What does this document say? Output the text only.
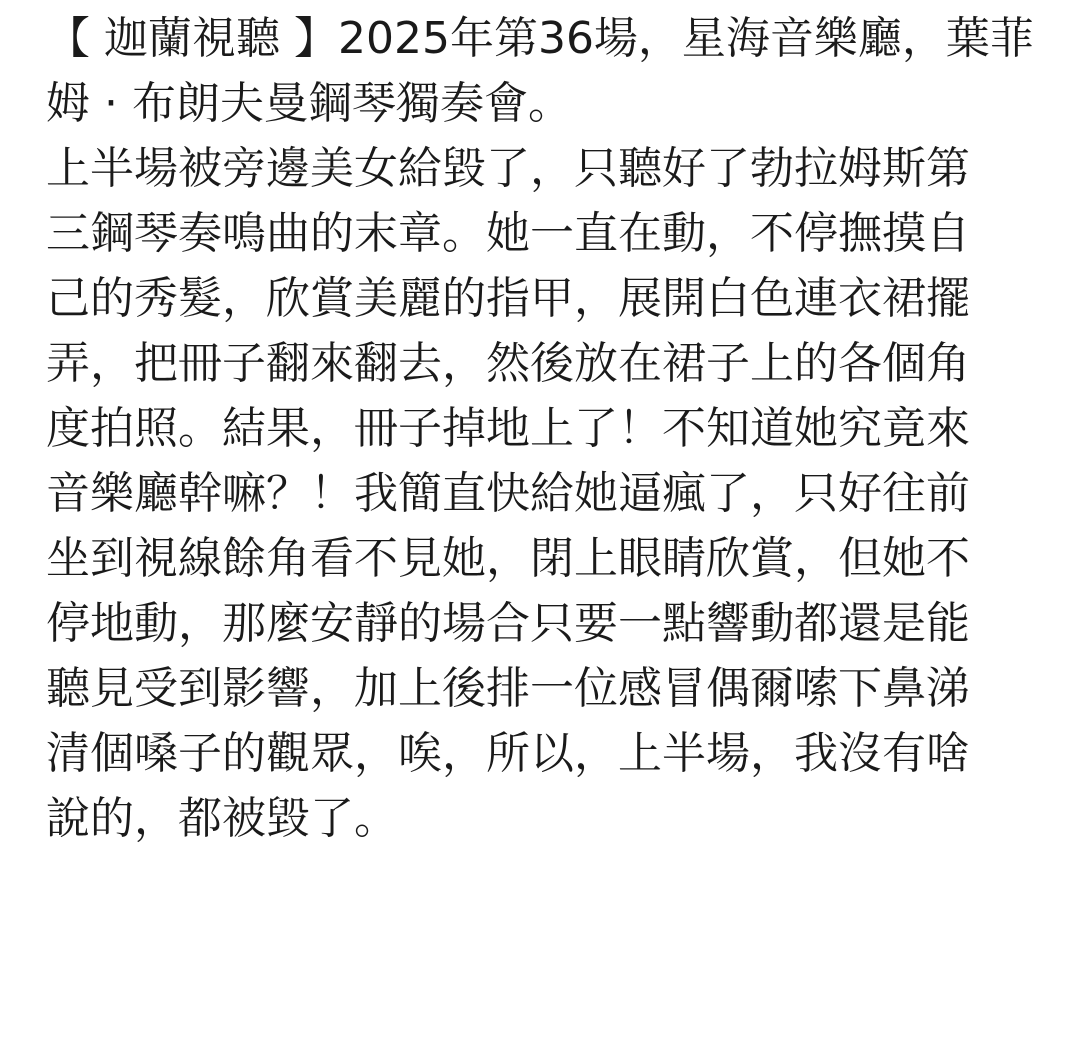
【 迦蘭視聽 】2025年第36場，星海音樂廳，葉菲
姆 · 布朗夫曼鋼琴獨奏會。
上半場被旁邊美女給毀了，只聽好了勃拉姆斯第
三鋼琴奏鳴曲的末章。她一直在動，不停撫摸自
己的秀髮，欣賞美麗的指甲，展開白色連衣裙擺
弄，把冊子翻來翻去，然後放在裙子上的各個角
度拍照。結果，冊子掉地上了！不知道她究竟來
音樂廳幹嘛？！我簡直快給她逼瘋了，只好往前
坐到視線餘角看不見她，閉上眼睛欣賞，但她不
停地動，那麼安靜的場合只要一點響動都還是能
聽見受到影響，加上後排一位感冒偶爾嗦下鼻涕
清個嗓子的觀眾，唉，所以，上半場，我沒有啥
說的，都被毀了。
